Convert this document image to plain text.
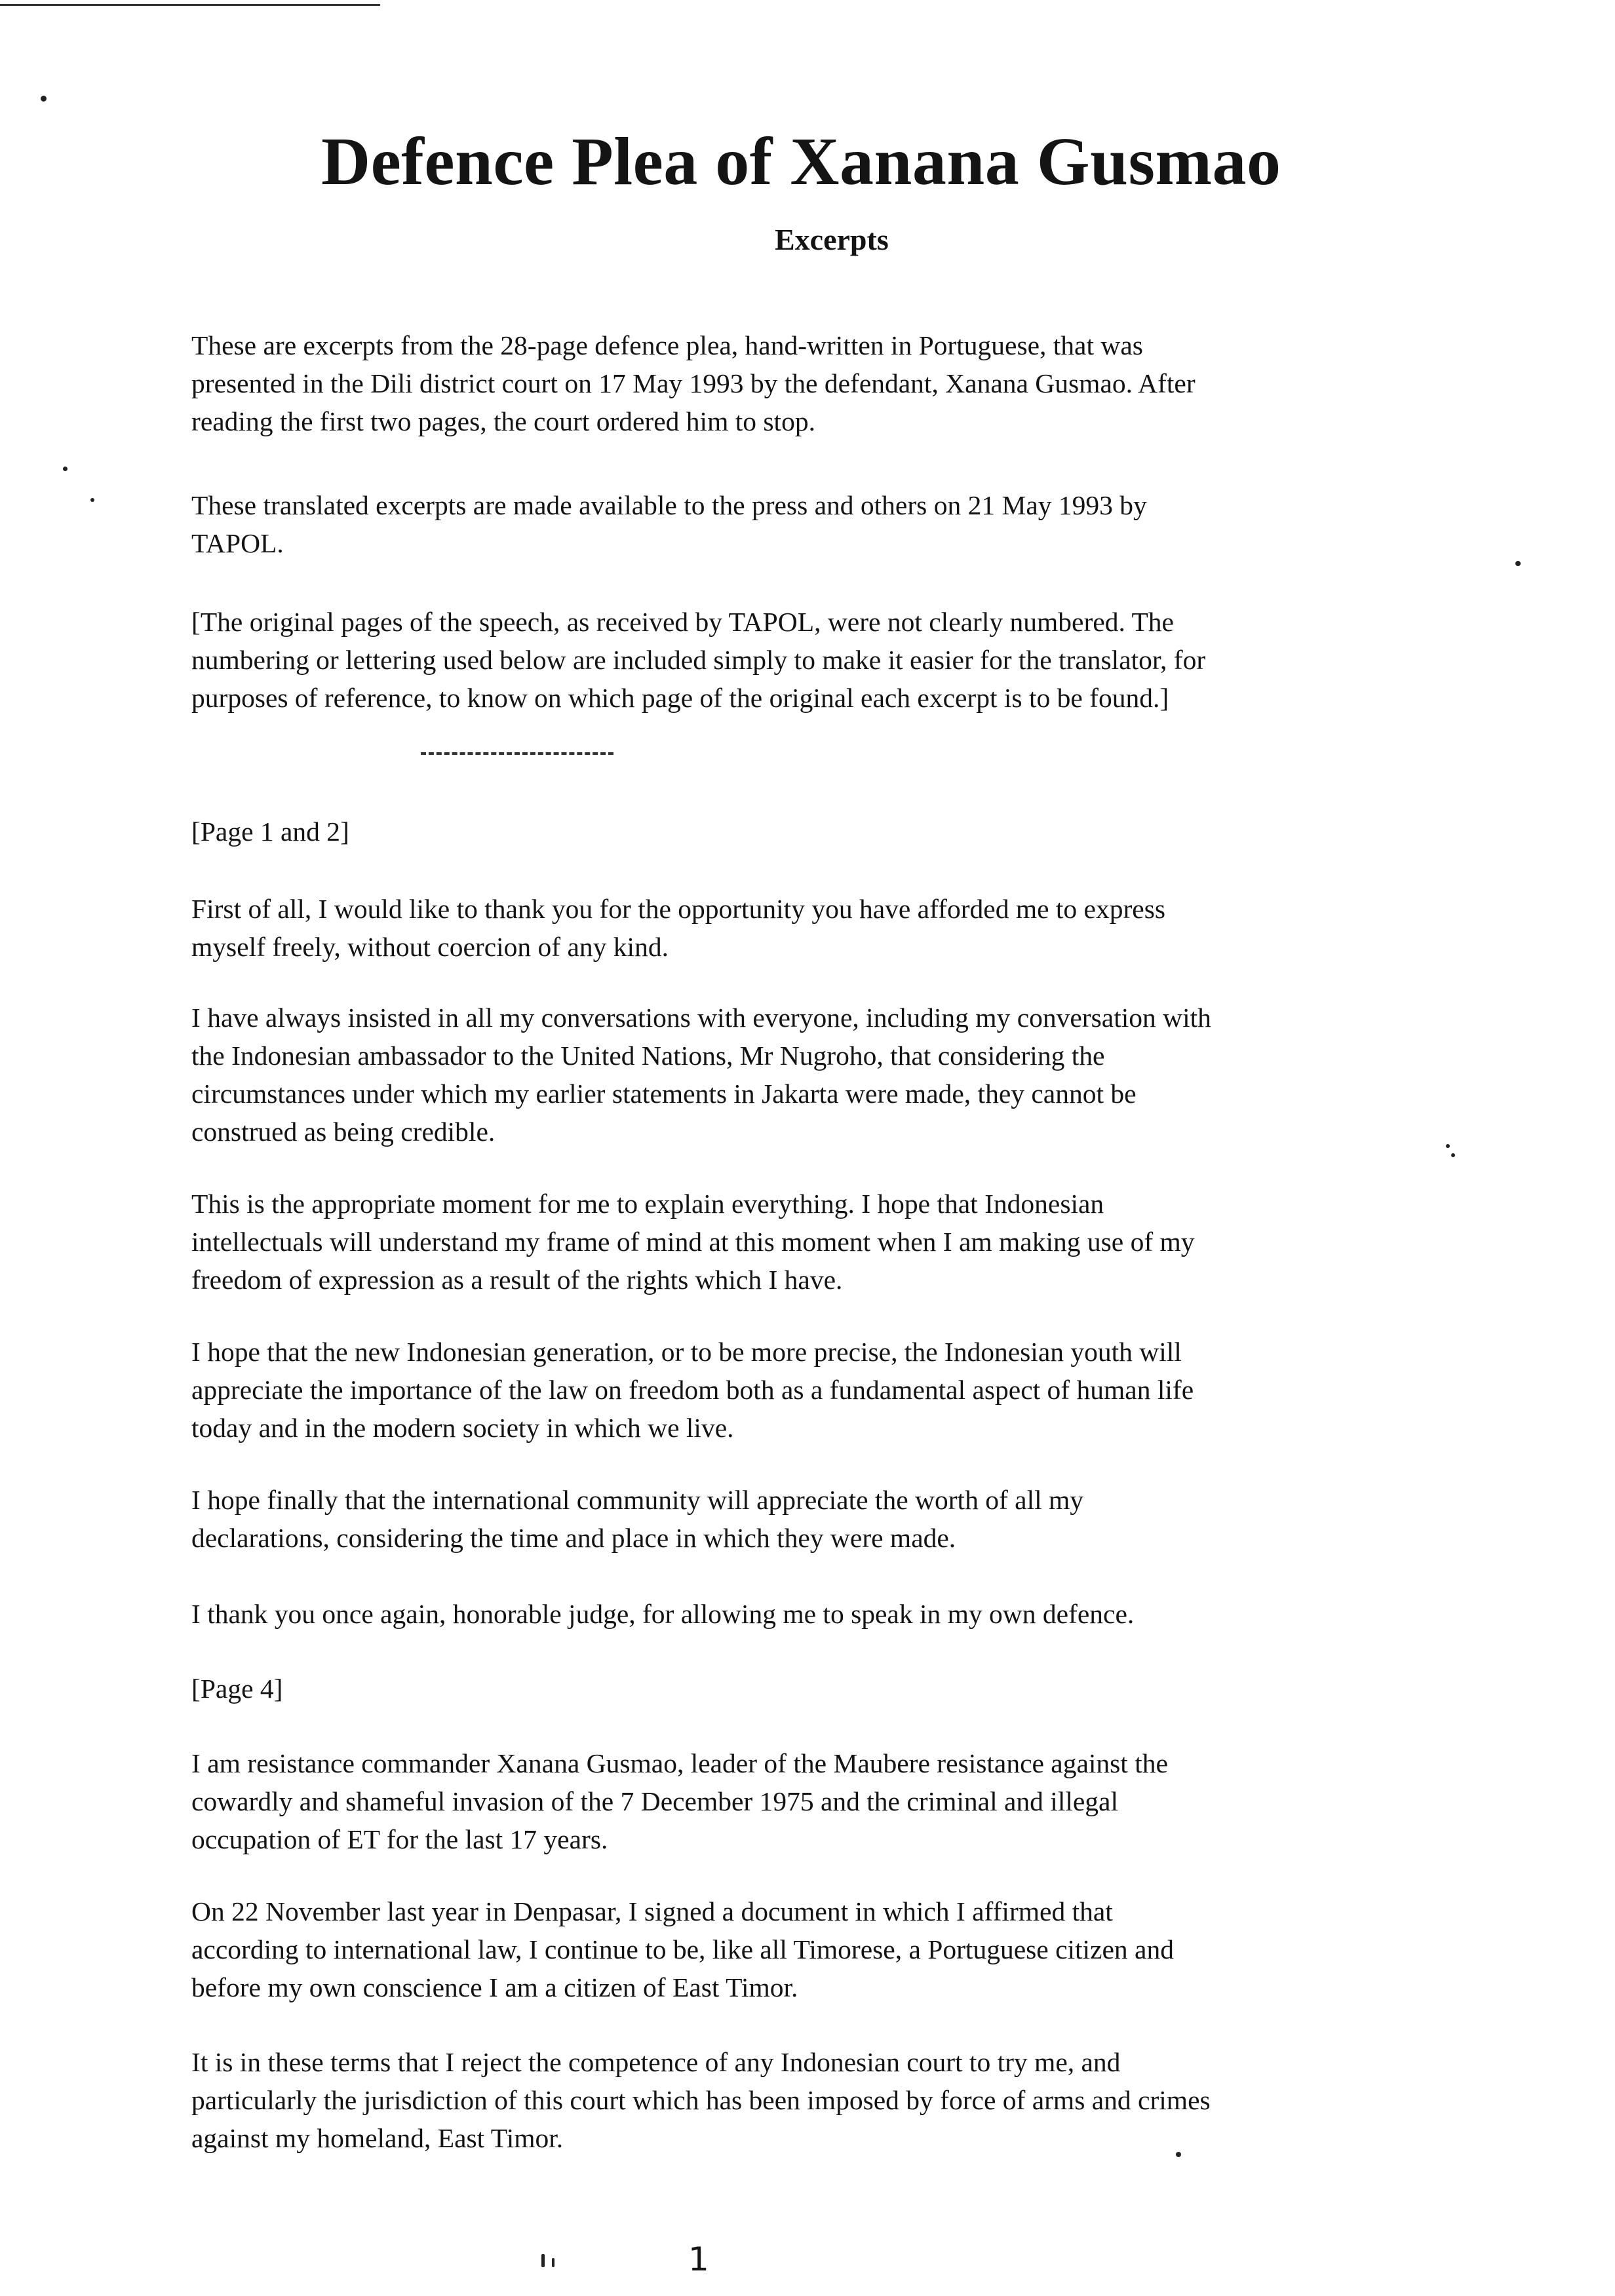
Defence Plea of Xanana Gusmao
Excerpts

These are excerpts from the 28-page defence plea, hand-written in Portuguese, that was
presented in the Dili district court on 17 May 1993 by the defendant, Xanana Gusmao. After
reading the first two pages, the court ordered him to stop.

These translated excerpts are made available to the press and others on 21 May 1993 by
TAPOL.

[The original pages of the speech, as received by TAPOL, were not clearly numbered. The
numbering or lettering used below are included simply to make it easier for the translator, for
purposes of reference, to know on which page of the original each excerpt is to be found.]

[Page 1 and 2]

First of all, I would like to thank you for the opportunity you have afforded me to express
myself freely, without coercion of any kind.

I have always insisted in all my conversations with everyone, including my conversation with
the Indonesian ambassador to the United Nations, Mr Nugroho, that considering the
circumstances under which my earlier statements in Jakarta were made, they cannot be
construed as being credible.

This is the appropriate moment for me to explain everything. I hope that Indonesian
intellectuals will understand my frame of mind at this moment when I am making use of my
freedom of expression as a result of the rights which I have.

I hope that the new Indonesian generation, or to be more precise, the Indonesian youth will
appreciate the importance of the law on freedom both as a fundamental aspect of human life
today and in the modern society in which we live.

I hope finally that the international community will appreciate the worth of all my
declarations, considering the time and place in which they were made.

I thank you once again, honorable judge, for allowing me to speak in my own defence.

[Page 4]

I am resistance commander Xanana Gusmao, leader of the Maubere resistance against the
cowardly and shameful invasion of the 7 December 1975 and the criminal and illegal
occupation of ET for the last 17 years.

On 22 November last year in Denpasar, I signed a document in which I affirmed that
according to international law, I continue to be, like all Timorese, a Portuguese citizen and
before my own conscience I am a citizen of East Timor.

It is in these terms that I reject the competence of any Indonesian court to try me, and
particularly the jurisdiction of this court which has been imposed by force of arms and crimes
against my homeland, East Timor.

1
